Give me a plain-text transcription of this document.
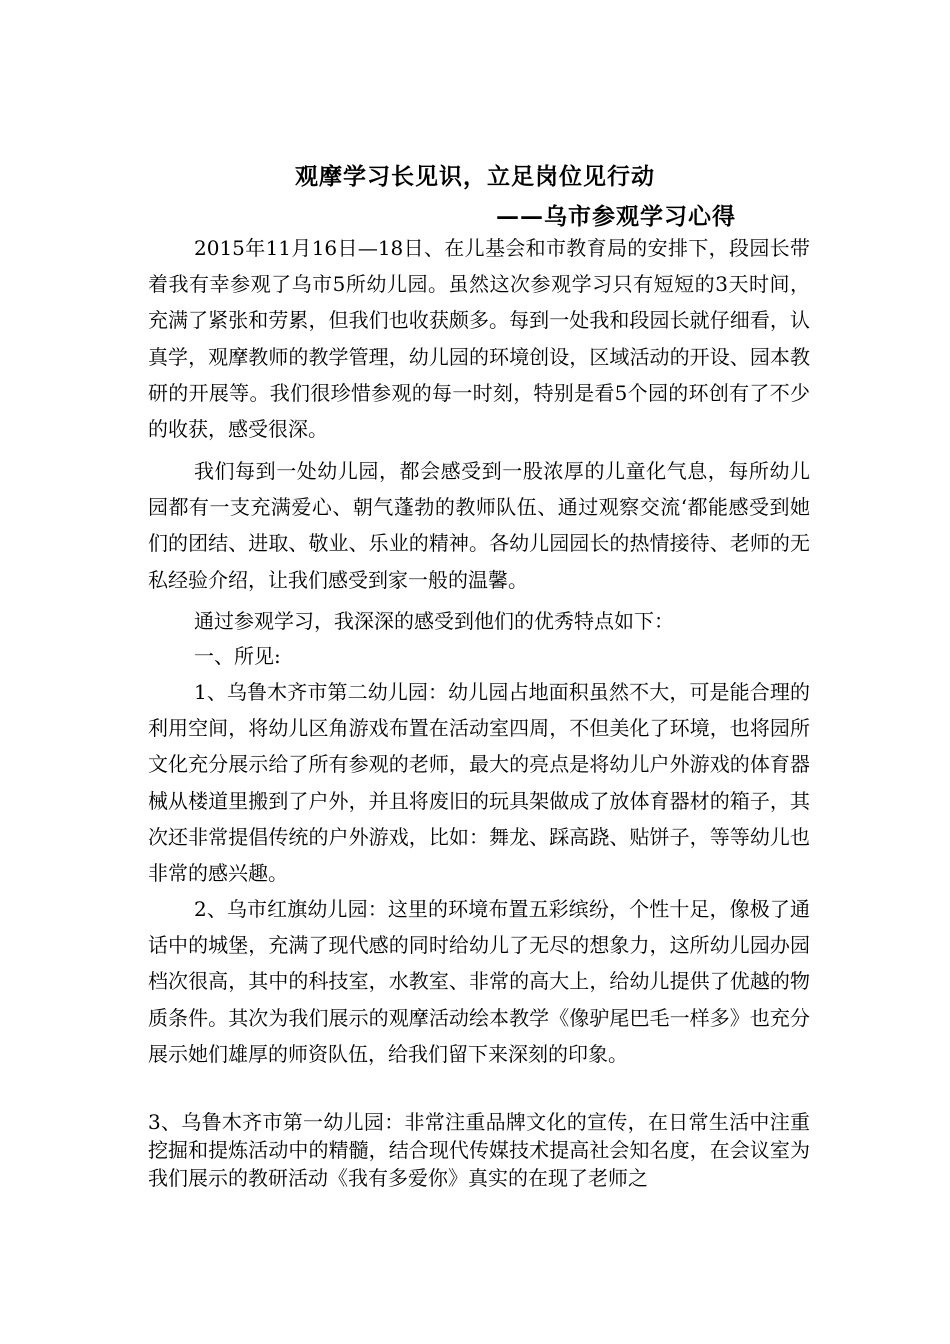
观摩学习长见识，立足岗位见行动
——乌市参观学习心得
2015年11月16日—18日、在儿基会和市教育局的安排下，段园长带着我有幸参观了乌市5所幼儿园。虽然这次参观学习只有短短的3天时间，充满了紧张和劳累，但我们也收获颇多。每到一处我和段园长就仔细看，认真学，观摩教师的教学管理，幼儿园的环境创设，区域活动的开设、园本教研的开展等。我们很珍惜参观的每一时刻，特别是看5个园的环创有了不少的收获，感受很深。
我们每到一处幼儿园，都会感受到一股浓厚的儿童化气息，每所幼儿园都有一支充满爱心、朝气蓬勃的教师队伍、通过观察交流‘都能感受到她们的团结、进取、敬业、乐业的精神。各幼儿园园长的热情接待、老师的无私经验介绍，让我们感受到家一般的温馨。
通过参观学习，我深深的感受到他们的优秀特点如下：
一、所见:
1、乌鲁木齐市第二幼儿园：幼儿园占地面积虽然不大，可是能合理的利用空间，将幼儿区角游戏布置在活动室四周，不但美化了环境，也将园所文化充分展示给了所有参观的老师，最大的亮点是将幼儿户外游戏的体育器械从楼道里搬到了户外，并且将废旧的玩具架做成了放体育器材的箱子，其次还非常提倡传统的户外游戏，比如：舞龙、踩高跷、贴饼子，等等幼儿也非常的感兴趣。
2、乌市红旗幼儿园：这里的环境布置五彩缤纷，个性十足，像极了通话中的城堡，充满了现代感的同时给幼儿了无尽的想象力，这所幼儿园办园档次很高，其中的科技室，水教室、非常的高大上，给幼儿提供了优越的物质条件。其次为我们展示的观摩活动绘本教学《像驴尾巴毛一样多》也充分展示她们雄厚的师资队伍，给我们留下来深刻的印象。
3、乌鲁木齐市第一幼儿园：非常注重品牌文化的宣传，在日常生活中注重挖掘和提炼活动中的精髓，结合现代传媒技术提高社会知名度，在会议室为我们展示的教研活动《我有多爱你》真实的在现了老师之
